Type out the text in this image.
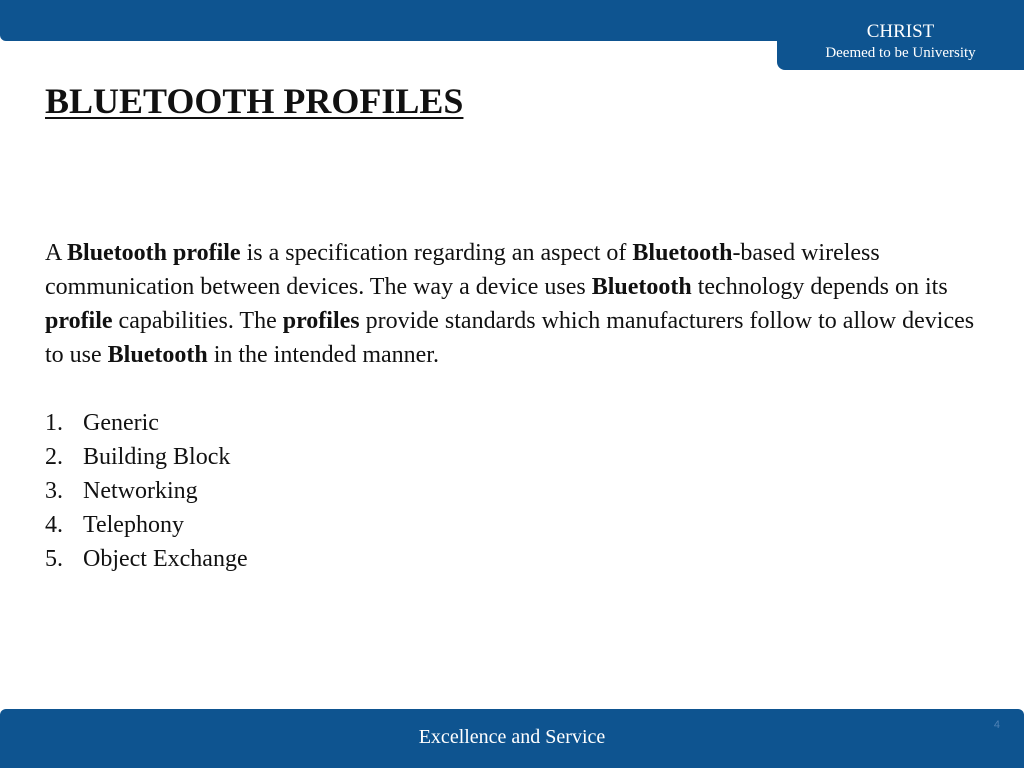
CHRIST
Deemed to be University
BLUETOOTH PROFILES

A Bluetooth profile is a specification regarding an aspect of Bluetooth-based wireless communication between devices. The way a device uses Bluetooth technology depends on its profile capabilities. The profiles provide standards which manufacturers follow to allow devices to use Bluetooth in the intended manner.

1. Generic
2. Building Block
3. Networking
4. Telephony
5. Object Exchange
Excellence and Service
4
